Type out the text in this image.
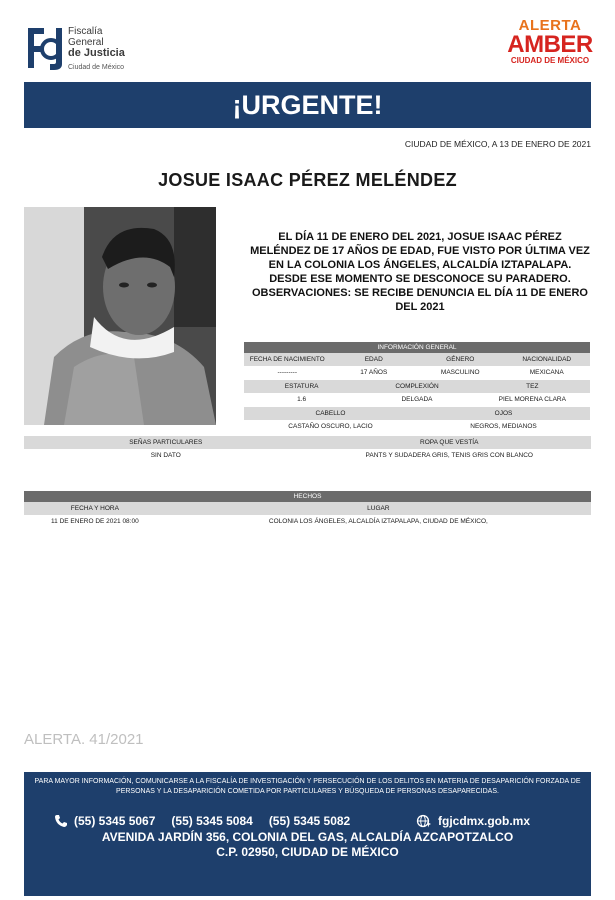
Fiscalía
General
de Justicia
Ciudad de México
ALERTA
AMBER
CIUDAD DE MÉXICO
¡URGENTE!
CIUDAD DE MÉXICO, A 13 DE ENERO DE 2021
JOSUE ISAAC PÉREZ MELÉNDEZ
EL DÍA 11 DE ENERO DEL 2021, JOSUE ISAAC PÉREZ MELÉNDEZ DE 17 AÑOS DE EDAD, FUE VISTO POR ÚLTIMA VEZ EN LA COLONIA LOS ÁNGELES, ALCALDÍA IZTAPALAPA. DESDE ESE MOMENTO SE DESCONOCE SU PARADERO.
OBSERVACIONES: SE RECIBE DENUNCIA EL DÍA 11 DE ENERO DEL 2021
INFORMACIÓN GENERAL
FECHA DE NACIMIENTO	EDAD	GÉNERO	NACIONALIDAD
---------	17 AÑOS	MASCULINO	MEXICANA
ESTATURA	COMPLEXIÓN	TEZ
1.6	DELGADA	PIEL MORENA CLARA
CABELLO	OJOS
CASTAÑO OSCURO, LACIO	NEGROS, MEDIANOS
SEÑAS PARTICULARES	ROPA QUE VESTÍA
SIN DATO	PANTS Y SUDADERA GRIS, TENIS GRIS CON BLANCO
HECHOS
FECHA Y HORA	LUGAR
11 DE ENERO DE 2021 08:00	COLONIA LOS ÁNGELES, ALCALDÍA IZTAPALAPA, CIUDAD DE MÉXICO,
ALERTA. 41/2021
PARA MAYOR INFORMACIÓN, COMUNICARSE A LA FISCALÍA DE INVESTIGACIÓN Y PERSECUCIÓN DE LOS DELITOS EN MATERIA DE DESAPARICIÓN FORZADA DE PERSONAS Y LA DESAPARICIÓN COMETIDA POR PARTICULARES Y BÚSQUEDA DE PERSONAS DESAPARECIDAS.
(55) 5345 5067 (55) 5345 5084 (55) 5345 5082	fgjcdmx.gob.mx
AVENIDA JARDÍN 356, COLONIA DEL GAS, ALCALDÍA AZCAPOTZALCO
C.P. 02950, CIUDAD DE MÉXICO
